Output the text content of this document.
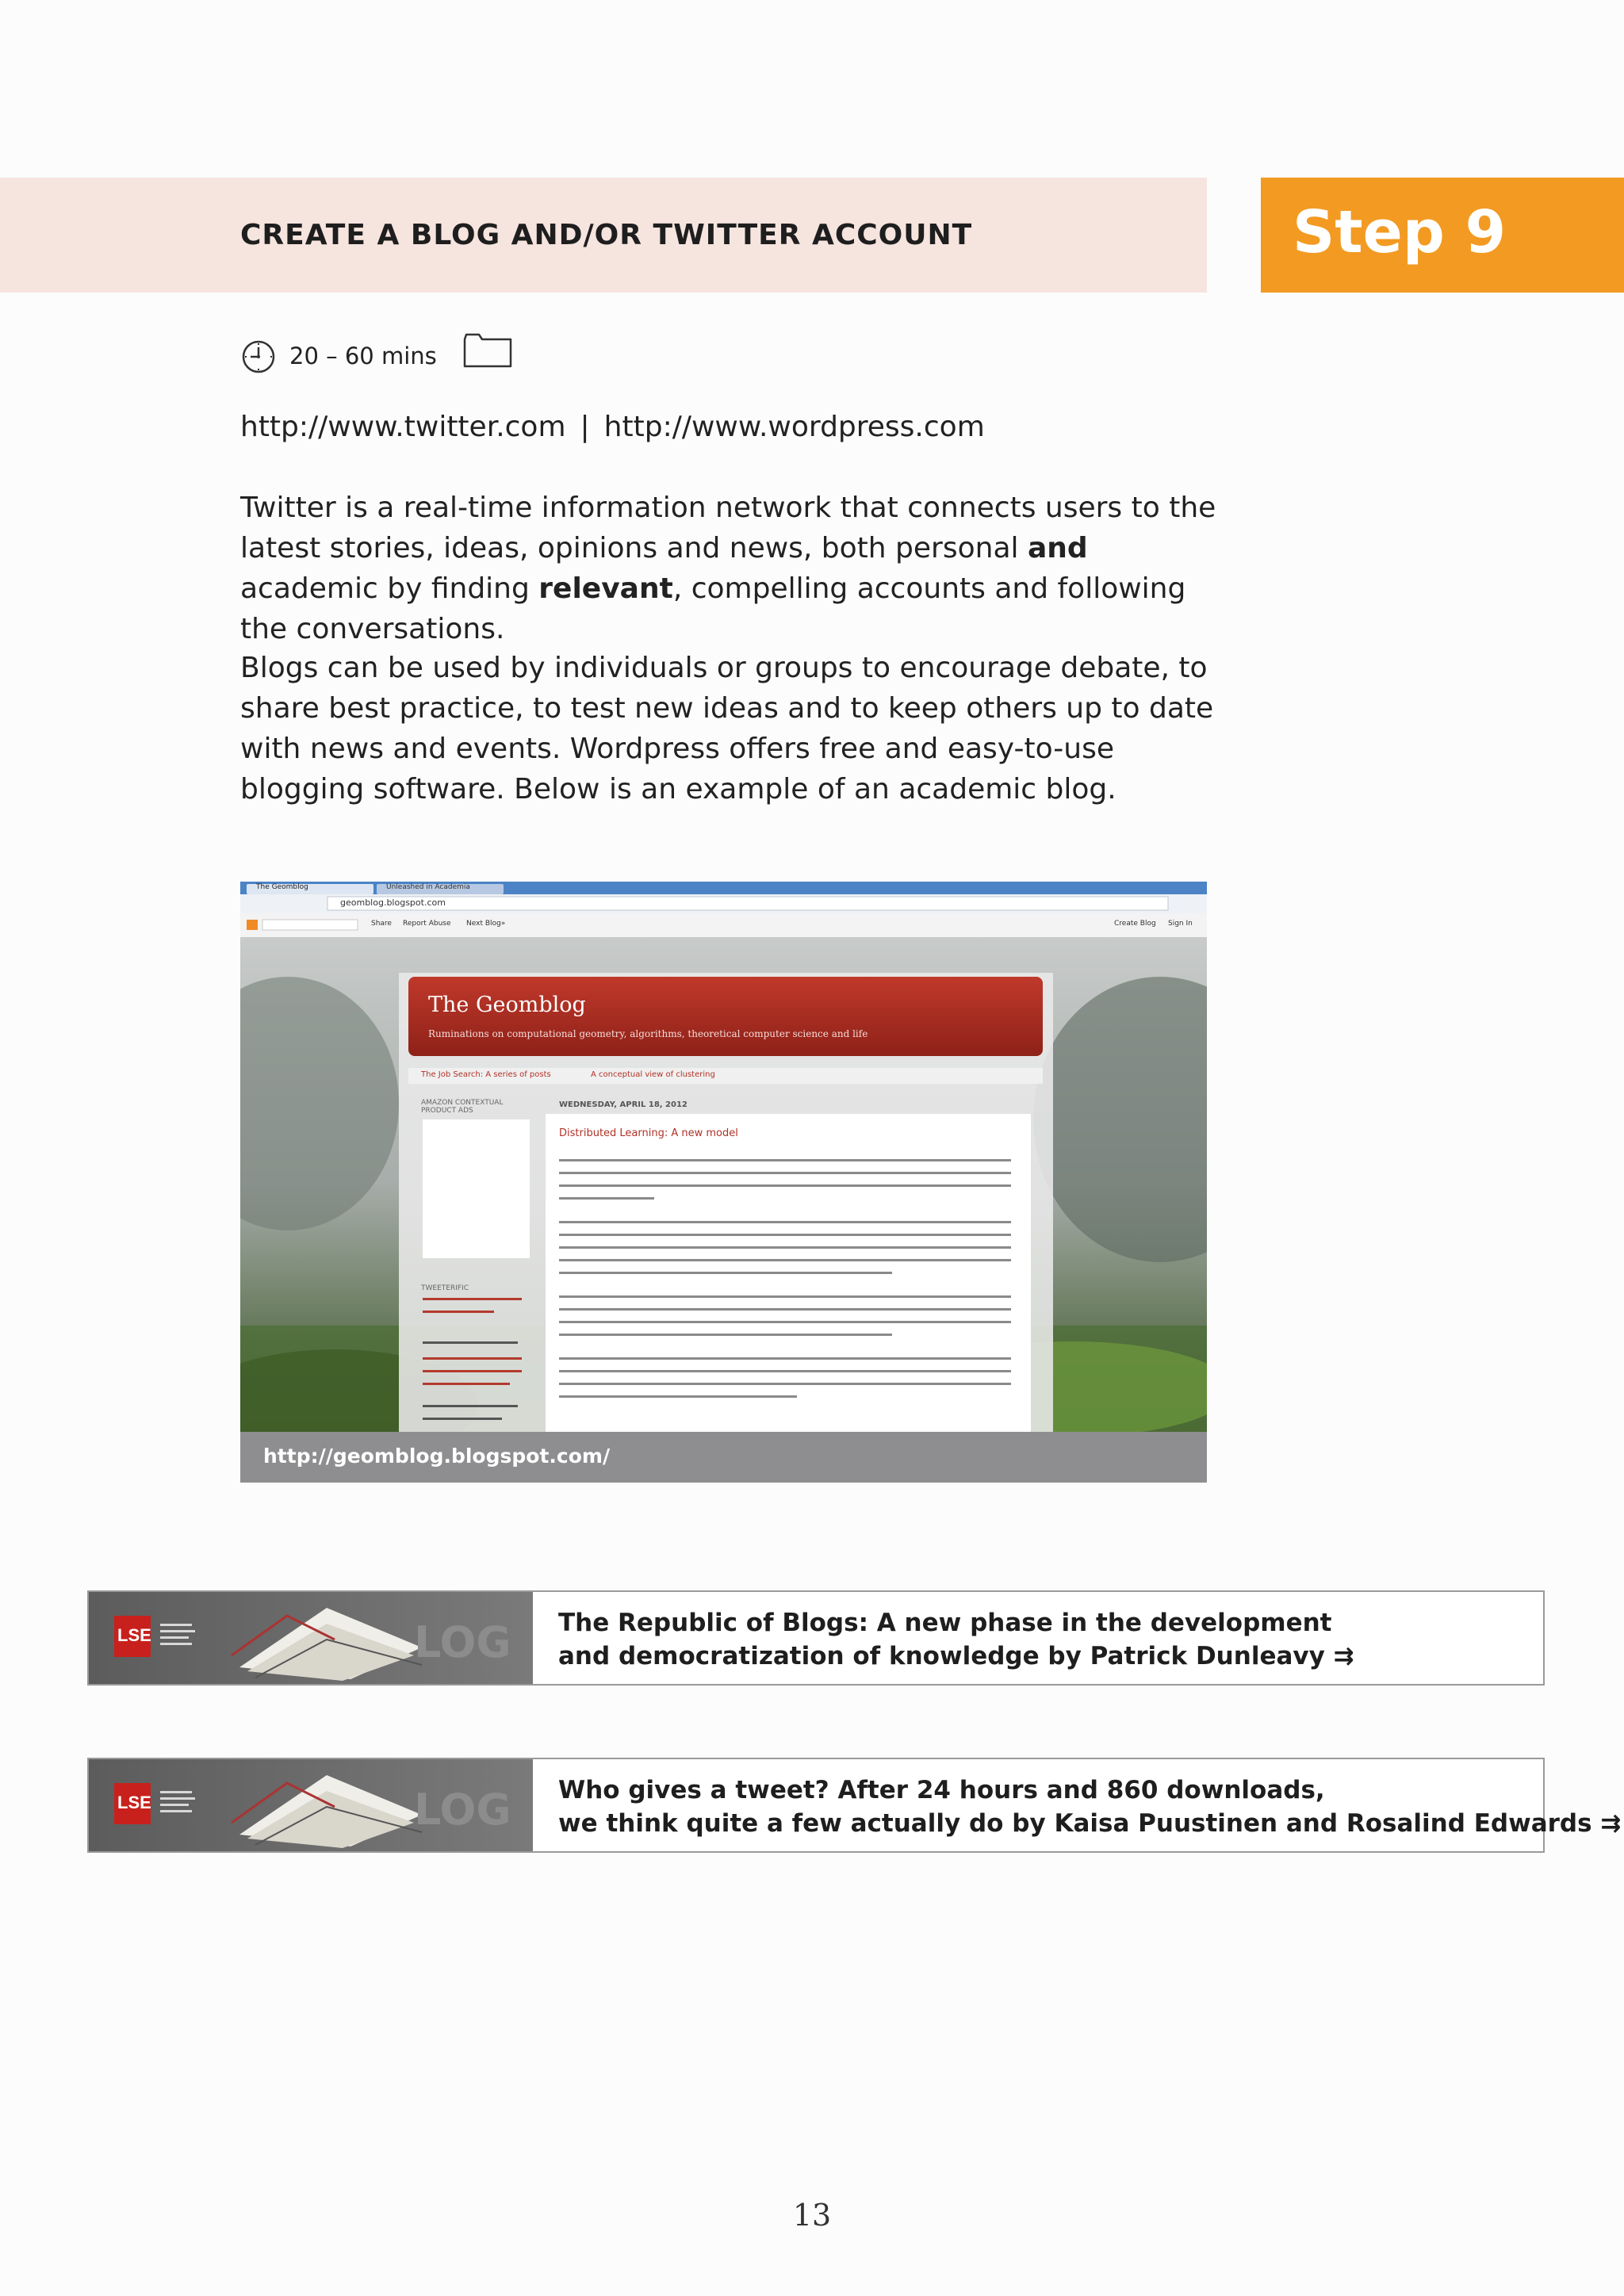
CREATE A BLOG AND/OR TWITTER ACCOUNT	Step 9
20 – 60 mins
http://www.twitter.com | http://www.wordpress.com
Twitter is a real-time information network that connects users to the latest stories, ideas, opinions and news, both personal and academic by finding relevant, compelling accounts and following the conversations.
Blogs can be used by individuals or groups to encourage debate, to share best practice, to test new ideas and to keep others up to date with news and events. Wordpress offers free and easy-to-use blogging software. Below is an example of an academic blog.
The Geomblog	Unleashed in Academia
geomblog.blogspot.com
Share Report Abuse Next Blog»	Create Blog Sign In
The Geomblog
Ruminations on computational geometry, algorithms, theoretical computer science and life
The Job Search: A series of posts	A conceptual view of clustering
AMAZON CONTEXTUAL PRODUCT ADS
TWEETERIFIC
WEDNESDAY, APRIL 18, 2012
Distributed Learning: A new model
http://geomblog.blogspot.com/
LOG
LSE	The Republic of Blogs: A new phase in the development
and democratization of knowledge by Patrick Dunleavy ⇉
LOG
LSE	Who gives a tweet? After 24 hours and 860 downloads,
we think quite a few actually do by Kaisa Puustinen and Rosalind Edwards ⇉
13
